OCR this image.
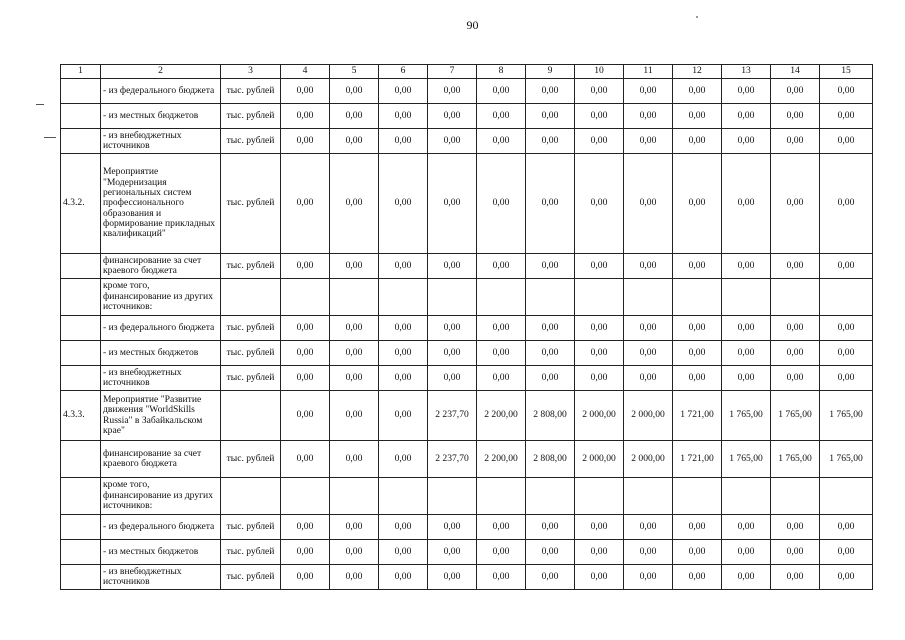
90
1	2	3	4	5	6	7	8	9	10	11	12	13	14	15
	- из федерального бюджета	тыс. рублей	0,00	0,00	0,00	0,00	0,00	0,00	0,00	0,00	0,00	0,00	0,00	0,00
	- из местных бюджетов	тыс. рублей	0,00	0,00	0,00	0,00	0,00	0,00	0,00	0,00	0,00	0,00	0,00	0,00
	- из внебюджетных источников	тыс. рублей	0,00	0,00	0,00	0,00	0,00	0,00	0,00	0,00	0,00	0,00	0,00	0,00
4.3.2.	Мероприятие "Модернизация региональных систем профессионального образования и формирование прикладных квалификаций"	тыс. рублей	0,00	0,00	0,00	0,00	0,00	0,00	0,00	0,00	0,00	0,00	0,00	0,00
	финансирование за счет краевого бюджета	тыс. рублей	0,00	0,00	0,00	0,00	0,00	0,00	0,00	0,00	0,00	0,00	0,00	0,00
	кроме того, финансирование из других источников:													
	- из федерального бюджета	тыс. рублей	0,00	0,00	0,00	0,00	0,00	0,00	0,00	0,00	0,00	0,00	0,00	0,00
	- из местных бюджетов	тыс. рублей	0,00	0,00	0,00	0,00	0,00	0,00	0,00	0,00	0,00	0,00	0,00	0,00
	- из внебюджетных источников	тыс. рублей	0,00	0,00	0,00	0,00	0,00	0,00	0,00	0,00	0,00	0,00	0,00	0,00
4.3.3.	Мероприятие "Развитие движения "WorldSkills Russia" в Забайкальском крае"		0,00	0,00	0,00	2 237,70	2 200,00	2 808,00	2 000,00	2 000,00	1 721,00	1 765,00	1 765,00	1 765,00
	финансирование за счет краевого бюджета	тыс. рублей	0,00	0,00	0,00	2 237,70	2 200,00	2 808,00	2 000,00	2 000,00	1 721,00	1 765,00	1 765,00	1 765,00
	кроме того, финансирование из других источников:													
	- из федерального бюджета	тыс. рублей	0,00	0,00	0,00	0,00	0,00	0,00	0,00	0,00	0,00	0,00	0,00	0,00
	- из местных бюджетов	тыс. рублей	0,00	0,00	0,00	0,00	0,00	0,00	0,00	0,00	0,00	0,00	0,00	0,00
	- из внебюджетных источников	тыс. рублей	0,00	0,00	0,00	0,00	0,00	0,00	0,00	0,00	0,00	0,00	0,00	0,00
